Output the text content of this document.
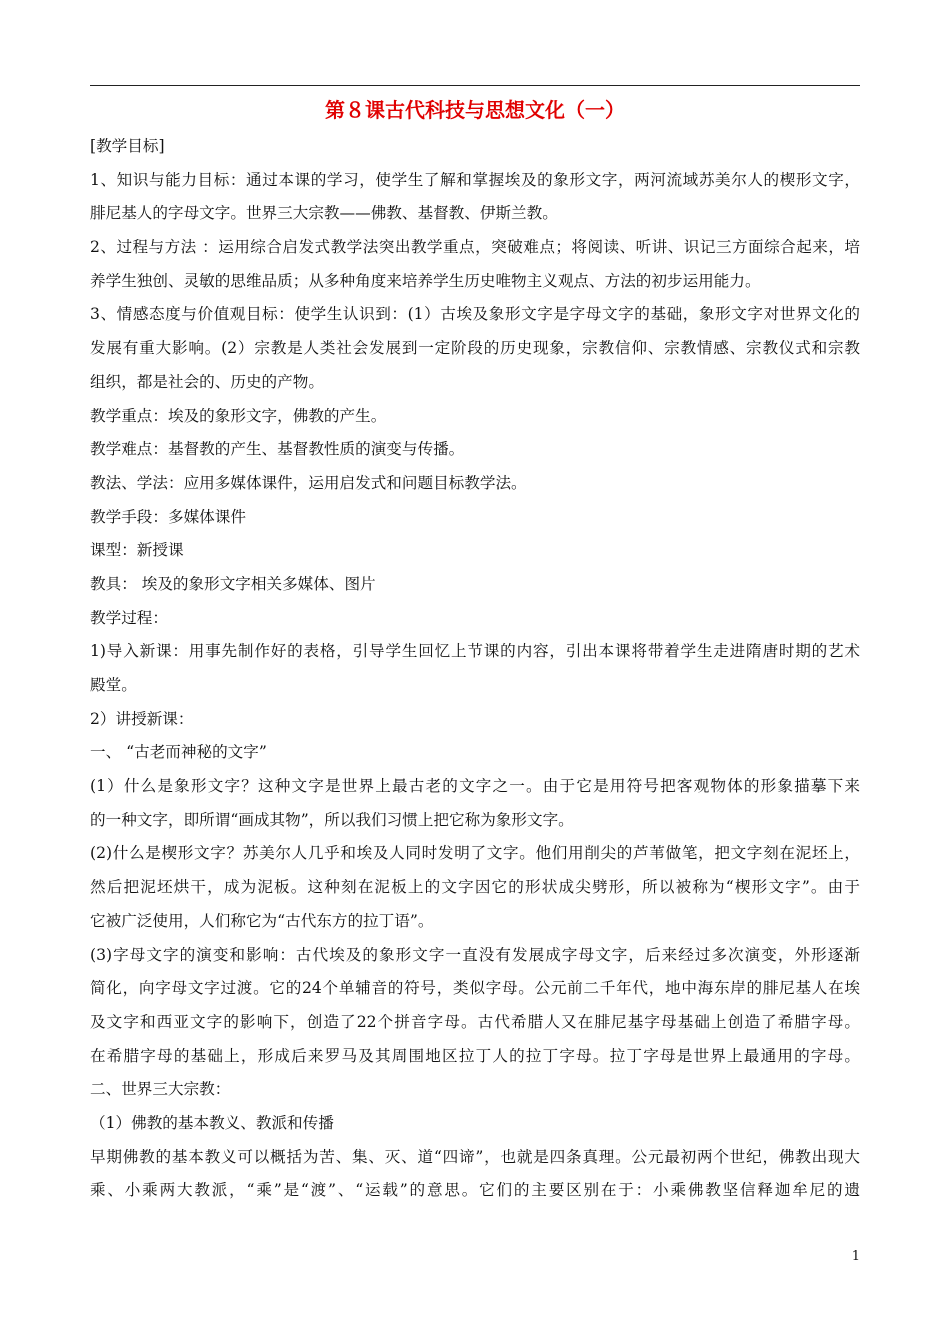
第８课古代科技与思想文化（一）
[教学目标]
1、知识与能力目标：通过本课的学习，使学生了解和掌握埃及的象形文字，两河流域苏美尔人的楔形文字，
腓尼基人的字母文字。世界三大宗教——佛教、基督教、伊斯兰教。
2、过程与方法 ：运用综合启发式教学法突出教学重点，突破难点；将阅读、听讲、识记三方面综合起来，培
养学生独创、灵敏的思维品质；从多种角度来培养学生历史唯物主义观点、方法的初步运用能力。
3、情感态度与价值观目标：使学生认识到：(1）古埃及象形文字是字母文字的基础，象形文字对世界文化的
发展有重大影响。(2）宗教是人类社会发展到一定阶段的历史现象，宗教信仰、宗教情感、宗教仪式和宗教
组织，都是社会的、历史的产物。
教学重点：埃及的象形文字，佛教的产生。
教学难点：基督教的产生、基督教性质的演变与传播。
教法、学法：应用多媒体课件，运用启发式和问题目标教学法。
教学手段：多媒体课件
课型：新授课
教具： 埃及的象形文字相关多媒体、图片
教学过程：
1)导入新课：用事先制作好的表格，引导学生回忆上节课的内容，引出本课将带着学生走进隋唐时期的艺术
殿堂。
2）讲授新课：
一、 “古老而神秘的文字”
(1）什么是象形文字？这种文字是世界上最古老的文字之一。由于它是用符号把客观物体的形象描摹下来
的一种文字，即所谓“画成其物”，所以我们习惯上把它称为象形文字。
(2)什么是楔形文字？苏美尔人几乎和埃及人同时发明了文字。他们用削尖的芦苇做笔，把文字刻在泥坯上，
然后把泥坯烘干，成为泥板。这种刻在泥板上的文字因它的形状成尖劈形，所以被称为“楔形文字”。由于
它被广泛使用，人们称它为“古代东方的拉丁语”。
(3)字母文字的演变和影响：古代埃及的象形文字一直没有发展成字母文字，后来经过多次演变，外形逐渐
简化，向字母文字过渡。它的24个单辅音的符号，类似字母。公元前二千年代，地中海东岸的腓尼基人在埃
及文字和西亚文字的影响下，创造了22个拼音字母。古代希腊人又在腓尼基字母基础上创造了希腊字母。
在希腊字母的基础上，形成后来罗马及其周围地区拉丁人的拉丁字母。拉丁字母是世界上最通用的字母。
二、世界三大宗教：
（1）佛教的基本教义、教派和传播
早期佛教的基本教义可以概括为苦、集、灭、道“四谛”，也就是四条真理。公元最初两个世纪，佛教出现大
乘、小乘两大教派，“乘”是“渡”、“运载”的意思。它们的主要区别在于：小乘佛教坚信释迦牟尼的遗
1
